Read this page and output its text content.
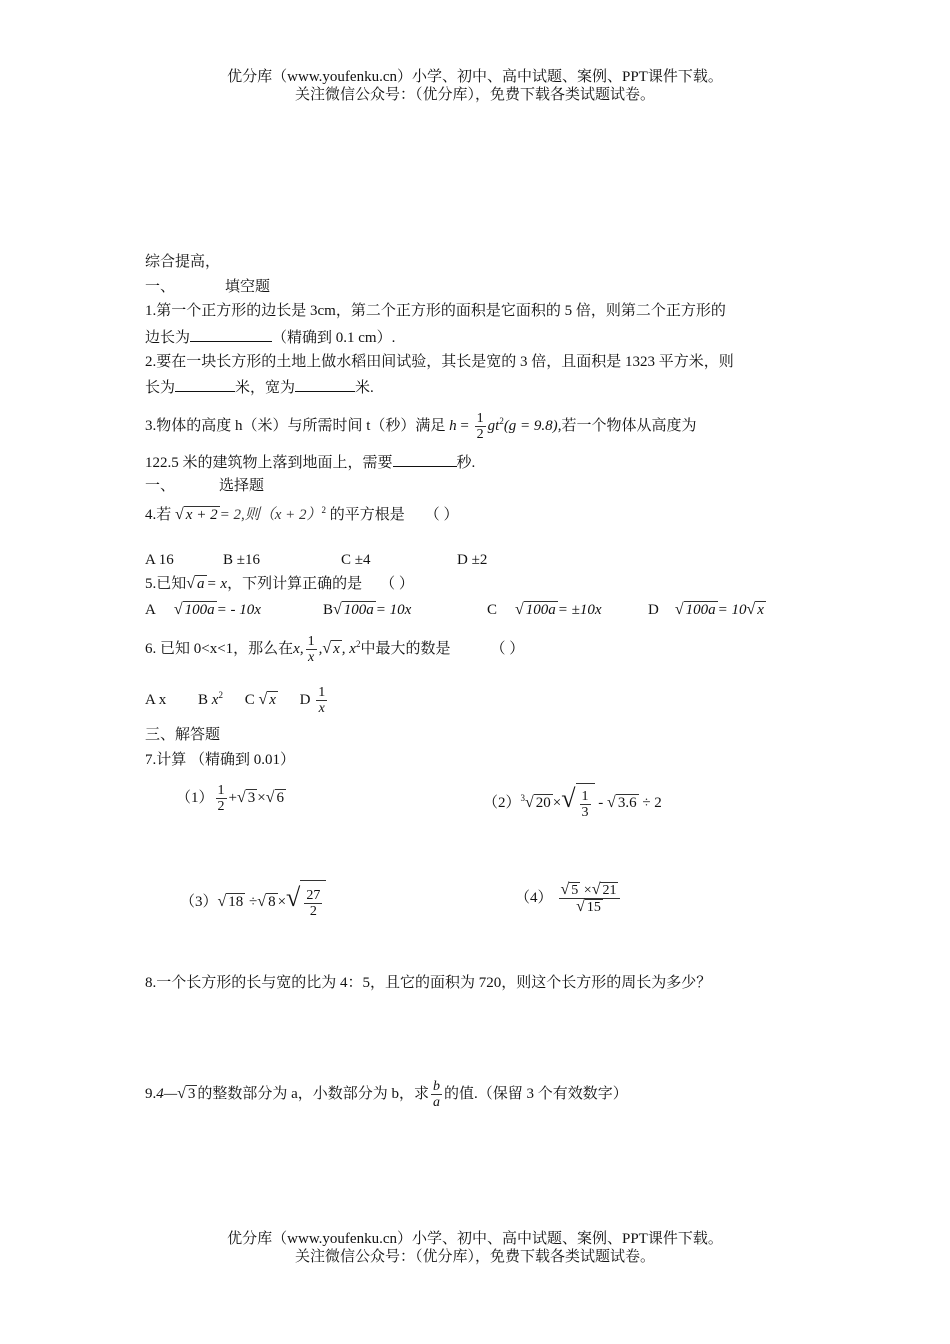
优分库（www.youfenku.cn）小学、初中、高中试题、案例、PPT课件下载。
关注微信公众号：（优分库），免费下载各类试题试卷。
综合提高，
一、	填空题
1.第一个正方形的边长是 3cm，第二个正方形的面积是它面积的 5 倍，则第二个正方形的
边长为	（精确到 0.1 cm）.
2.要在一块长方形的土地上做水稻田间试验，其长是宽的 3 倍，且面积是 1323 平方米，则
长为	米，宽为	米.
3.物体的高度 h（米）与所需时间 t（秒）满足 $h = \frac{1}{2} gt^2(g = 9.8)$,若一个物体从高度为
122.5 米的建筑物上落到地面上，需要	秒.
一、	选择题
4.若 √ x + 2 = 2,则$(x + 2)^2$ 的平方根是 （ ）
A 16	B ±16	C ±4	D ±2
5.已知√ a = x，下列计算正确的是 （ ）
A √ 100a = - 10x	B√ 100a = 10x	C √ 100a = ±10x	D √ 100a = 10√ x
6. 已知 0<x<1，那么在x, $\frac{1}{x}$ ,√ x , $x^2$中最大的数是	（ ）
A x B $x^2$ C √ x D $\frac{1}{x}$
三、解答题
7.计算 （精确到 0.01）
$(1) \frac{1}{2}$ +√ 3 ×√ 6	$(2)^3√$ 20 ×√ $\frac{1}{3}$ - √ 3.6 ÷ 2
（3）√ 18 ÷√ 8 ×√ $\frac{27}{2}$	$(4) \frac{√ 5 \times√ 21}{√ 15}$
8.一个长方形的长与宽的比为 4：5，且它的面积为 720，则这个长方形的周长为多少？
9.4—√ 3 的整数部分为 a，小数部分为 b，求 $\frac{b}{a}$ 的值.（保留 3 个有效数字）
优分库（www.youfenku.cn）小学、初中、高中试题、案例、PPT课件下载。
关注微信公众号：（优分库），免费下载各类试题试卷。
